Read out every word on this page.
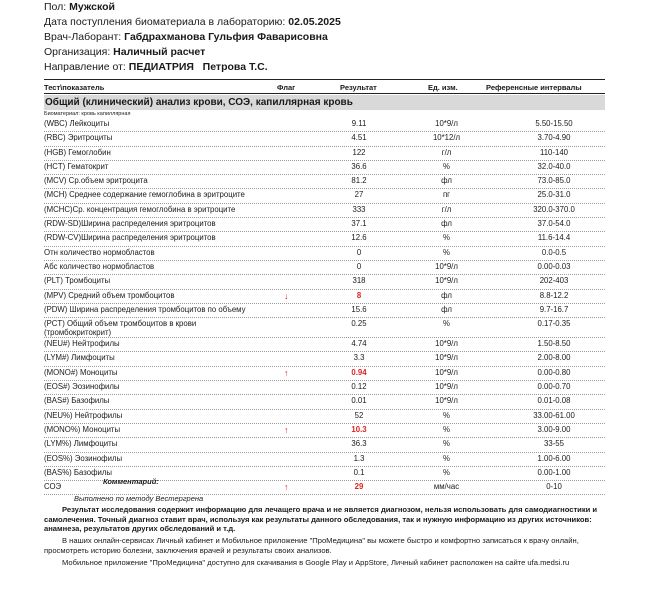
Пол: Мужской
Дата поступления биоматериала в лабораторию: 02.05.2025
Врач-Лаборант: Габдрахманова Гульфия Фаварисовна
Организация: Наличный расчет
Направление от: ПЕДИАТРИЯ   Петрова Т.С.
Тест\показатель	Флаг	Результат	Ед. изм.	Референсные интервалы
Общий (клинический) анализ крови, СОЭ, капиллярная кровь
Биоматериал: кровь капиллярная
(WBC) Лейкоциты	9.11	10*9/л	5.50-15.50
(RBC) Эритроциты	4.51	10*12/л	3.70-4.90
(HGB) Гемоглобин	122	г/л	110-140
(HCT) Гематокрит	36.6	%	32.0-40.0
(MCV) Ср.объем эритроцита	81.2	фл	73.0-85.0
(MCH) Среднее содержание гемоглобина в эритроците	27	пг	25.0-31.0
(MCHC)Ср. концентрация гемоглобина в эритроците	333	г/л	320.0-370.0
(RDW-SD)Ширина распределения эритроцитов	37.1	фл	37.0-54.0
(RDW-CV)Ширина распределения эритроцитов	12.6	%	11.6-14.4
Отн количество нормобластов	0	%	0.0-0.5
Абс количество нормобластов	0	10*9/л	0.00-0.03
(PLT) Тромбоциты	318	10*9/л	202-403
(MPV) Средний объем тромбоцитов	↓	8	фл	8.8-12.2
(PDW) Ширина распределения тромбоцитов по объему	15.6	фл	9.7-16.7
(PCT) Общий объем тромбоцитов в крови (тромбокритокрит)
0.25	%	0.17-0.35
(NEU#) Нейтрофилы	4.74	10*9/л	1.50-8.50
(LYM#) Лимфоциты	3.3	10*9/л	2.00-8.00
(MONO#) Моноциты	↑	0.94	10*9/л	0.00-0.80
(EOS#) Эозинофилы	0.12	10*9/л	0.00-0.70
(BAS#) Базофилы	0.01	10*9/л	0.01-0.08
(NEU%) Нейтрофилы	52	%	33.00-61.00
(MONO%) Моноциты	↑	10.3	%	3.00-9.00
(LYM%) Лимфоциты	36.3	%	33-55
(EOS%) Эозинофилы	1.3	%	1.00-6.00
(BAS%) Базофилы	0.1	%	0.00-1.00
СОЭ	↑	29	мм/час	0-10
Комментарий:
Выполнено по методу Вестергрена
Результат исследования содержит информацию для лечащего врача и не является диагнозом, нельзя использовать для самодиагностики и самолечения. Точный диагноз ставит врач, используя как результаты данного обследования, так и нужную информацию из других источников: анамнеза, результатов других обследований и т.д.
В наших онлайн-сервисах Личный кабинет и Мобильное приложение "ПроМедицина" вы можете быстро и комфортно записаться к врачу онлайн, просмотреть историю болезни, заключения врачей и результаты своих анализов.
Мобильное приложение "ПроМедицина" доступно для скачивания в Google Play и AppStore, Личный кабинет расположен на сайте ufa.medsi.ru
